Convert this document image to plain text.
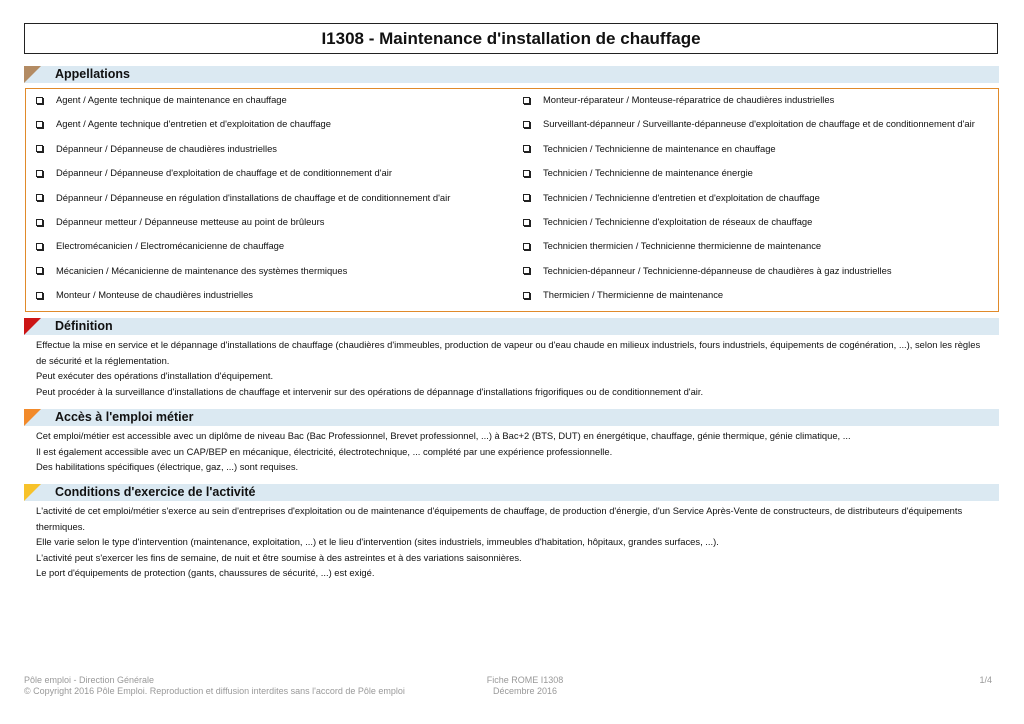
I1308 - Maintenance d'installation de chauffage
Appellations
Agent / Agente technique de maintenance en chauffage
Agent / Agente technique d'entretien et d'exploitation de chauffage
Dépanneur / Dépanneuse de chaudières industrielles
Dépanneur / Dépanneuse d'exploitation de chauffage et de conditionnement d'air
Dépanneur / Dépanneuse en régulation d'installations de chauffage et de conditionnement d'air
Dépanneur metteur / Dépanneuse metteuse au point de brûleurs
Electromécanicien / Electromécanicienne de chauffage
Mécanicien / Mécanicienne de maintenance des systèmes thermiques
Monteur / Monteuse de chaudières industrielles
Monteur-réparateur / Monteuse-réparatrice de chaudières industrielles
Surveillant-dépanneur / Surveillante-dépanneuse d'exploitation de chauffage et de conditionnement d'air
Technicien / Technicienne de maintenance en chauffage
Technicien / Technicienne de maintenance énergie
Technicien / Technicienne d'entretien et d'exploitation de chauffage
Technicien / Technicienne d'exploitation de réseaux de chauffage
Technicien thermicien / Technicienne thermicienne de maintenance
Technicien-dépanneur / Technicienne-dépanneuse de chaudières à gaz industrielles
Thermicien / Thermicienne de maintenance
Définition

Effectue la mise en service et le dépannage d'installations de chauffage (chaudières d'immeubles, production de vapeur ou d'eau chaude en milieux industriels, fours industriels, équipements de cogénération, ...), selon les règles de sécurité et la réglementation.

Peut exécuter des opérations d'installation d'équipement.

Peut procéder à la surveillance d'installations de chauffage et intervenir sur des opérations de dépannage d'installations frigorifiques ou de conditionnement d'air.

Accès à l'emploi métier

Cet emploi/métier est accessible avec un diplôme de niveau Bac (Bac Professionnel, Brevet professionnel, ...) à Bac+2 (BTS, DUT) en énergétique, chauffage, génie thermique, génie climatique, ...

Il est également accessible avec un CAP/BEP en mécanique, électricité, électrotechnique, ... complété par une expérience professionnelle.

Des habilitations spécifiques (électrique, gaz, ...) sont requises.

Conditions d'exercice de l'activité

L'activité de cet emploi/métier s'exerce au sein d'entreprises d'exploitation ou de maintenance d'équipements de chauffage, de production d'énergie, d'un Service Après-Vente de constructeurs, de distributeurs d'équipements thermiques.

Elle varie selon le type d'intervention (maintenance, exploitation, ...) et le lieu d'intervention (sites industriels, immeubles d'habitation, hôpitaux, grandes surfaces, ...).

L'activité peut s'exercer les fins de semaine, de nuit et être soumise à des astreintes et à des variations saisonnières.

Le port d'équipements de protection (gants, chaussures de sécurité, ...) est exigé.

Pôle emploi - Direction Générale
© Copyright 2016 Pôle Emploi. Reproduction et diffusion interdites sans l'accord de Pôle emploi
Fiche ROME I1308
Décembre 2016
1/4
